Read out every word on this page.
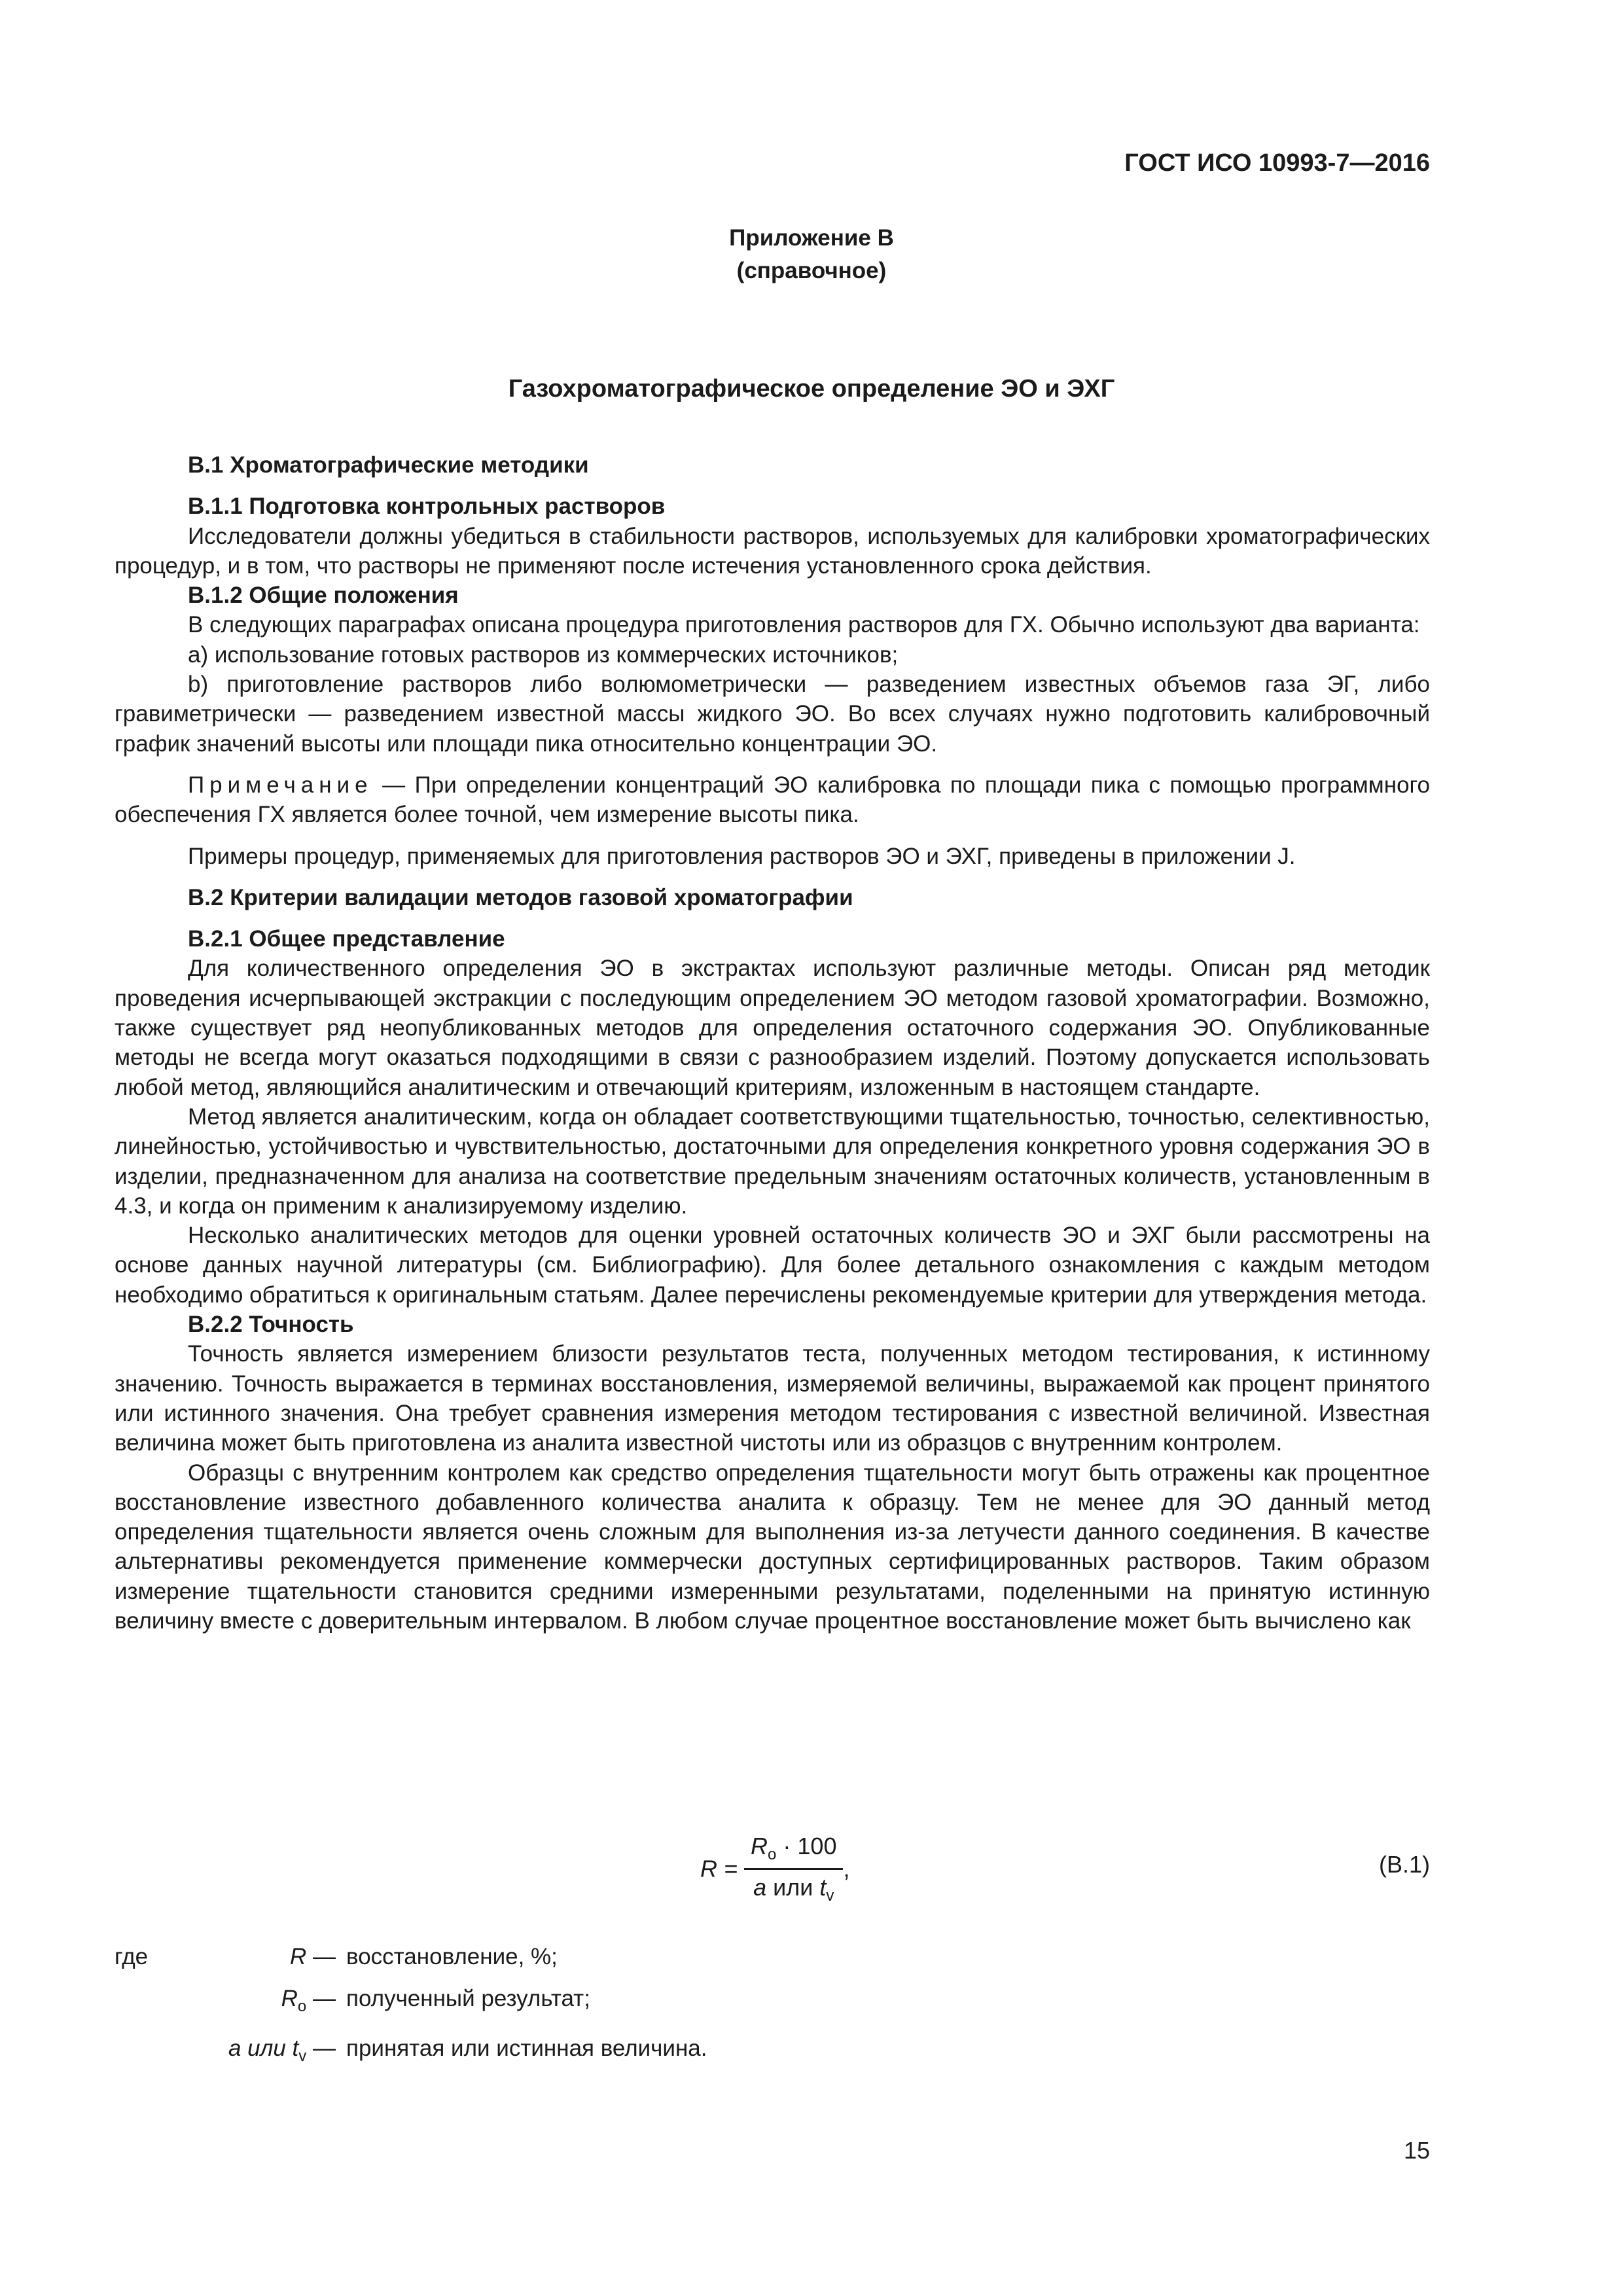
ГОСТ ИСО 10993-7—2016
Приложение В
(справочное)
Газохроматографическое определение ЭО и ЭХГ

В.1 Хроматографические методики

В.1.1 Подготовка контрольных растворов

Исследователи должны убедиться в стабильности растворов, используемых для калибровки хроматографических процедур, и в том, что растворы не применяют после истечения установленного срока действия.

В.1.2 Общие положения

В следующих параграфах описана процедура приготовления растворов для ГХ. Обычно используют два варианта:

а) использование готовых растворов из коммерческих источников;

b) приготовление растворов либо волюмометрически — разведением известных объемов газа ЭГ, либо гравиметрически — разведением известной массы жидкого ЭО. Во всех случаях нужно подготовить калибровочный график значений высоты или площади пика относительно концентрации ЭО.

Примечание — При определении концентраций ЭО калибровка по площади пика с помощью программного обеспечения ГХ является более точной, чем измерение высоты пика.

Примеры процедур, применяемых для приготовления растворов ЭО и ЭХГ, приведены в приложении J.

В.2 Критерии валидации методов газовой хроматографии

В.2.1 Общее представление

Для количественного определения ЭО в экстрактах используют различные методы. Описан ряд методик проведения исчерпывающей экстракции с последующим определением ЭО методом газовой хроматографии. Возможно, также существует ряд неопубликованных методов для определения остаточного содержания ЭО. Опубликованные методы не всегда могут оказаться подходящими в связи с разнообразием изделий. Поэтому допускается использовать любой метод, являющийся аналитическим и отвечающий критериям, изложенным в настоящем стандарте.

Метод является аналитическим, когда он обладает соответствующими тщательностью, точностью, селективностью, линейностью, устойчивостью и чувствительностью, достаточными для определения конкретного уровня содержания ЭО в изделии, предназначенном для анализа на соответствие предельным значениям остаточных количеств, установленным в 4.3, и когда он применим к анализируемому изделию.

Несколько аналитических методов для оценки уровней остаточных количеств ЭО и ЭХГ были рассмотрены на основе данных научной литературы (см. Библиографию). Для более детального ознакомления с каждым методом необходимо обратиться к оригинальным статьям. Далее перечислены рекомендуемые критерии для утверждения метода.

В.2.2 Точность

Точность является измерением близости результатов теста, полученных методом тестирования, к истинному значению. Точность выражается в терминах восстановления, измеряемой величины, выражаемой как процент принятого или истинного значения. Она требует сравнения измерения методом тестирования с известной величиной. Известная величина может быть приготовлена из аналита известной чистоты или из образцов с внутренним контролем.

Образцы с внутренним контролем как средство определения тщательности могут быть отражены как процентное восстановление известного добавленного количества аналита к образцу. Тем не менее для ЭО данный метод определения тщательности является очень сложным для выполнения из-за летучести данного соединения. В качестве альтернативы рекомендуется применение коммерчески доступных сертифицированных растворов. Таким образом измерение тщательности становится средними измеренными результатами, поделенными на принятую истинную величину вместе с доверительным интервалом. В любом случае процентное восстановление может быть вычислено как

$R = \frac{R_o \cdot 100}{a или t_v}$ ,	(В.1)
где	R —	восстановление, %;
	$R_o$ —	полученный результат;
	a или $t_v$ —	принятая или истинная величина.
15
